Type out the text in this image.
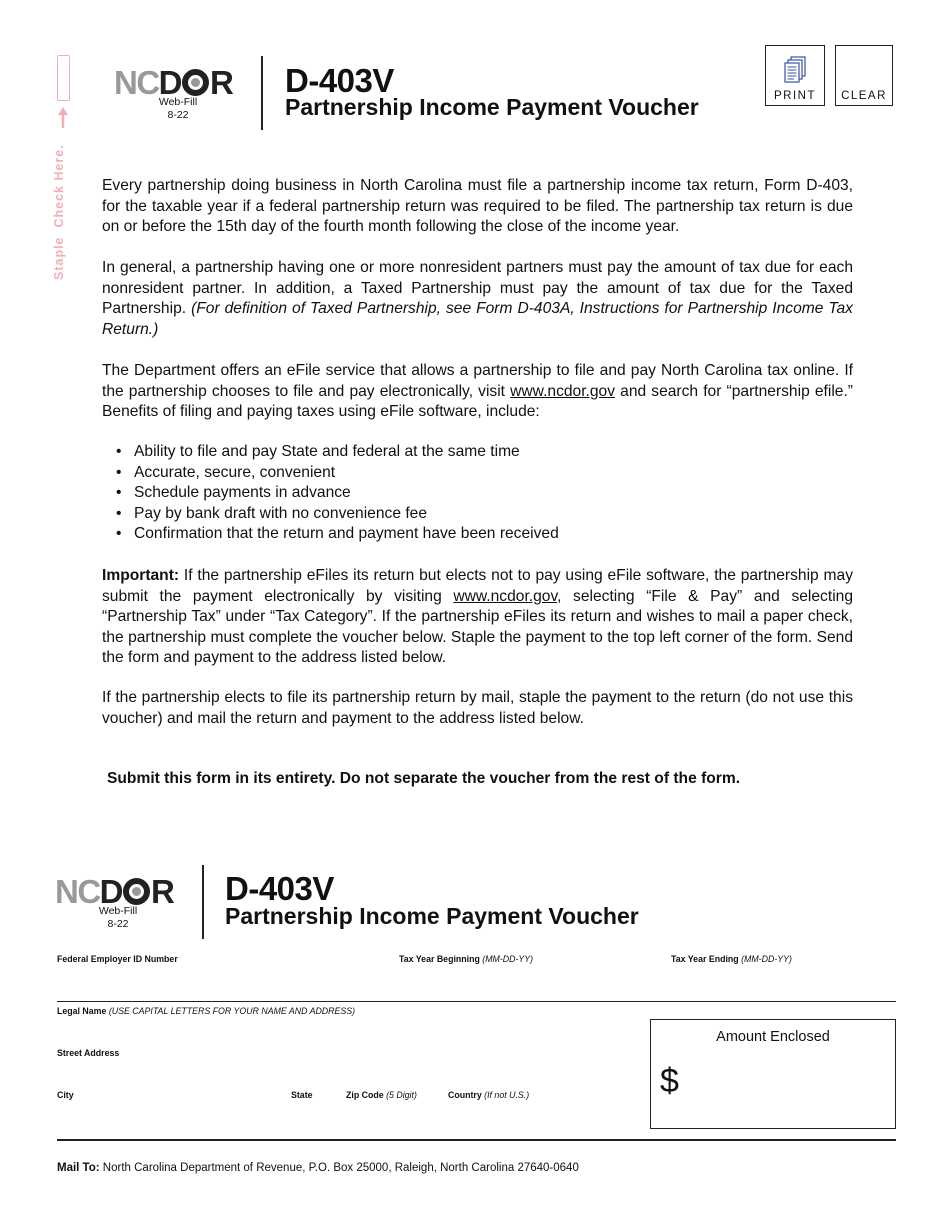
Staple  Check Here.
NC D R
Web-Fill
8-22
D-403V
Partnership Income Payment Voucher	PRINT CLEAR

Every partnership doing business in North Carolina must file a partnership income tax return, Form D-403, for the taxable year if a federal partnership return was required to be filed. The partnership tax return is due on or before the 15th day of the fourth month following the close of the income year.

In general, a partnership having one or more nonresident partners must pay the amount of tax due for each nonresident partner. In addition, a Taxed Partnership must pay the amount of tax due for the Taxed Partnership. (For definition of Taxed Partnership, see Form D-403A, Instructions for Partnership Income Tax Return.)

The Department offers an eFile service that allows a partnership to file and pay North Carolina tax online. If the partnership chooses to file and pay electronically, visit www.ncdor.gov and search for “partnership efile.” Benefits of filing and paying taxes using eFile software, include:

• Ability to file and pay State and federal at the same time
• Accurate, secure, convenient
• Schedule payments in advance
• Pay by bank draft with no convenience fee
• Confirmation that the return and payment have been received

Important: If the partnership eFiles its return but elects not to pay using eFile software, the partnership may submit the payment electronically by visiting www.ncdor.gov, selecting “File & Pay” and selecting “Partnership Tax” under “Tax Category”. If the partnership eFiles its return and wishes to mail a paper check, the partnership must complete the voucher below. Staple the payment to the top left corner of the form. Send the form and payment to the address listed below.

If the partnership elects to file its partnership return by mail, staple the payment to the return (do not use this voucher) and mail the return and payment to the address listed below.

Submit this form in its entirety. Do not separate the voucher from the rest of the form.
NC D R
Web-Fill
8-22
D-403V
Partnership Income Payment Voucher
Federal Employer ID Number	Tax Year Beginning (MM-DD-YY)	Tax Year Ending (MM-DD-YY)
Legal Name (USE CAPITAL LETTERS FOR YOUR NAME AND ADDRESS)
Street Address
City	State	Zip Code (5 Digit)	Country (If not U.S.)
Amount Enclosed
$
Mail To: North Carolina Department of Revenue, P.O. Box 25000, Raleigh, North Carolina 27640-0640
